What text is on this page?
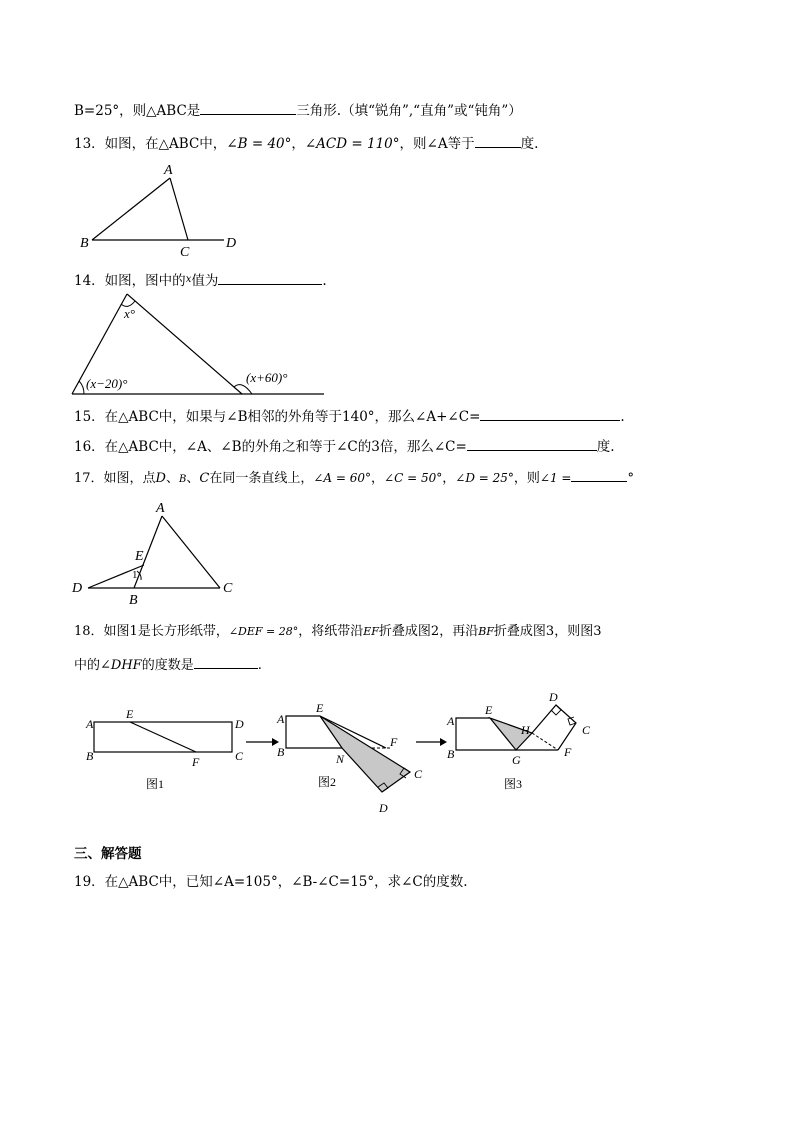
B=25°，则△ABC是	三角形.（填“锐角”,“直角”或“钝角”）
13．如图，在△ABC中，∠B = 40°，∠ACD = 110°，则∠A等于	度.
A
B
C
D
14．如图，图中的$^x$值为	.
x°
(x−20)°	(x+60)°
15．在△ABC中，如果与∠B相邻的外角等于140°，那么∠A+∠C=	.
16．在△ABC中，∠A、∠B的外角之和等于∠C的3倍，那么∠C=	度.
17．如图，点D、B、C在同一条直线上，∠A = 60°，∠C = 50°，∠D = 25°，则∠1 =	°
A
D
B
C
E
1
18．如图1是长方形纸带，∠DEF = 28°，将纸带沿EF折叠成图2，再沿BF折叠成图3，则图3
中的∠DHF的度数是	.
A
B
D
C
E
F
图1
A
B
E
F
N
C
D
图2
A
B
E
H
G
F
D
C
图3
三、解答题
19．在△ABC中，已知∠A=105°，∠B-∠C=15°，求∠C的度数.
